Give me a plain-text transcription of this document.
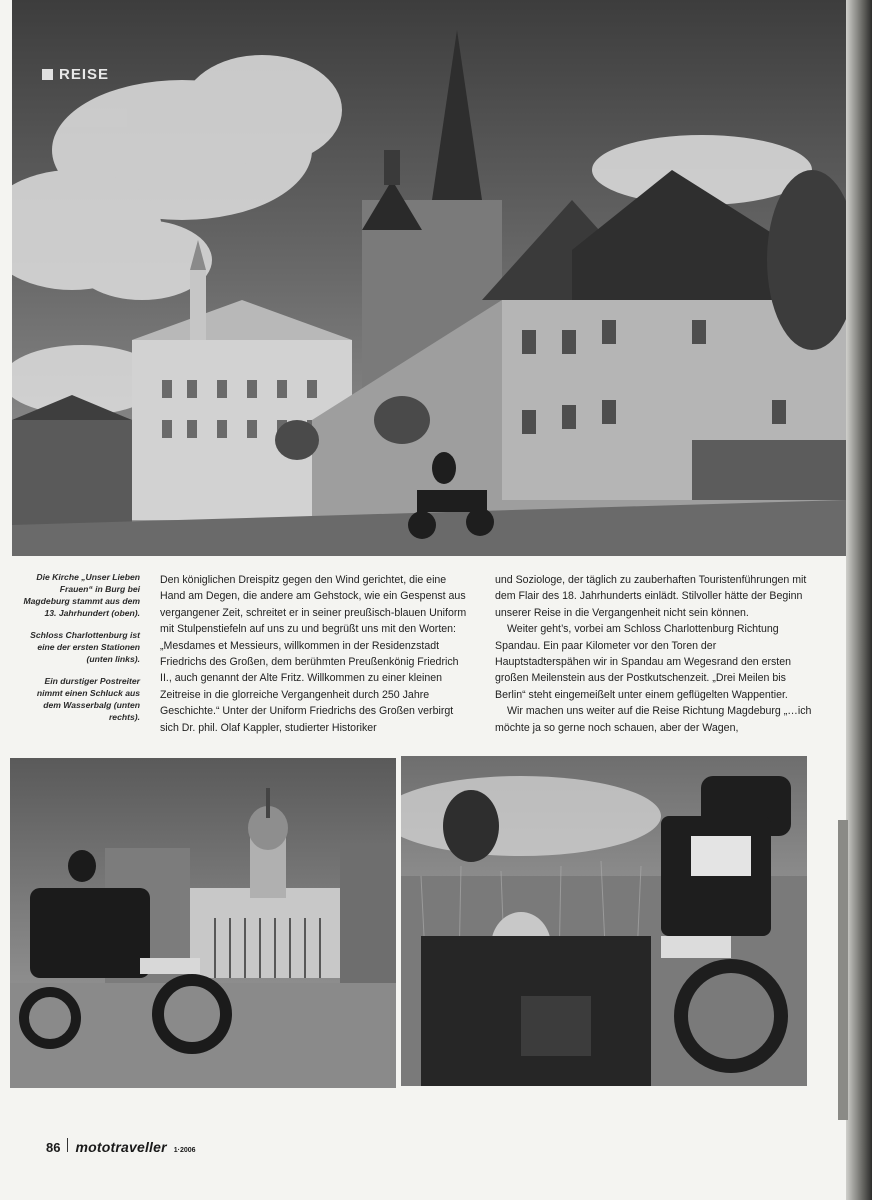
REISE

Die Kirche „Unser Lieben Frauen“ in Burg bei Magdeburg stammt aus dem 13. Jahrhundert (oben).

Schloss Charlottenburg ist eine der ersten Stationen (unten links).

Ein durstiger Postreiter nimmt einen Schluck aus dem Wasserbalg (unten rechts).

Den königlichen Dreispitz gegen den Wind gerichtet, die eine Hand am Degen, die andere am Gehstock, wie ein Gespenst aus vergangener Zeit, schreitet er in seiner preußisch-blauen Uniform mit Stulpenstiefeln auf uns zu und begrüßt uns mit den Worten: „Mesdames et Messieurs, willkommen in der Residenzstadt Friedrichs des Großen, dem berühmten Preußenkönig Friedrich II., auch genannt der Alte Fritz. Willkommen zu einer kleinen Zeitreise in die glorreiche Vergangenheit durch 250 Jahre Geschichte.“ Unter der Uniform Friedrichs des Großen verbirgt sich Dr. phil. Olaf Kappler, studierter Historiker

und Soziologe, der täglich zu zauberhaften Touristenführungen mit dem Flair des 18. Jahrhunderts einlädt. Stilvoller hätte der Beginn unserer Reise in die Vergangenheit nicht sein können.

Weiter geht’s, vorbei am Schloss Charlottenburg Richtung Spandau. Ein paar Kilometer vor den Toren der Hauptstadterspähen wir in Spandau am Wegesrand den ersten großen Meilenstein aus der Postkutschenzeit. „Drei Meilen bis Berlin“ steht eingemeißelt unter einem geflügelten Wappentier.

Wir machen uns weiter auf die Reise Richtung Magdeburg „…ich möchte ja so gerne noch schauen, aber der Wagen,

86 mototraveller 1·2006
